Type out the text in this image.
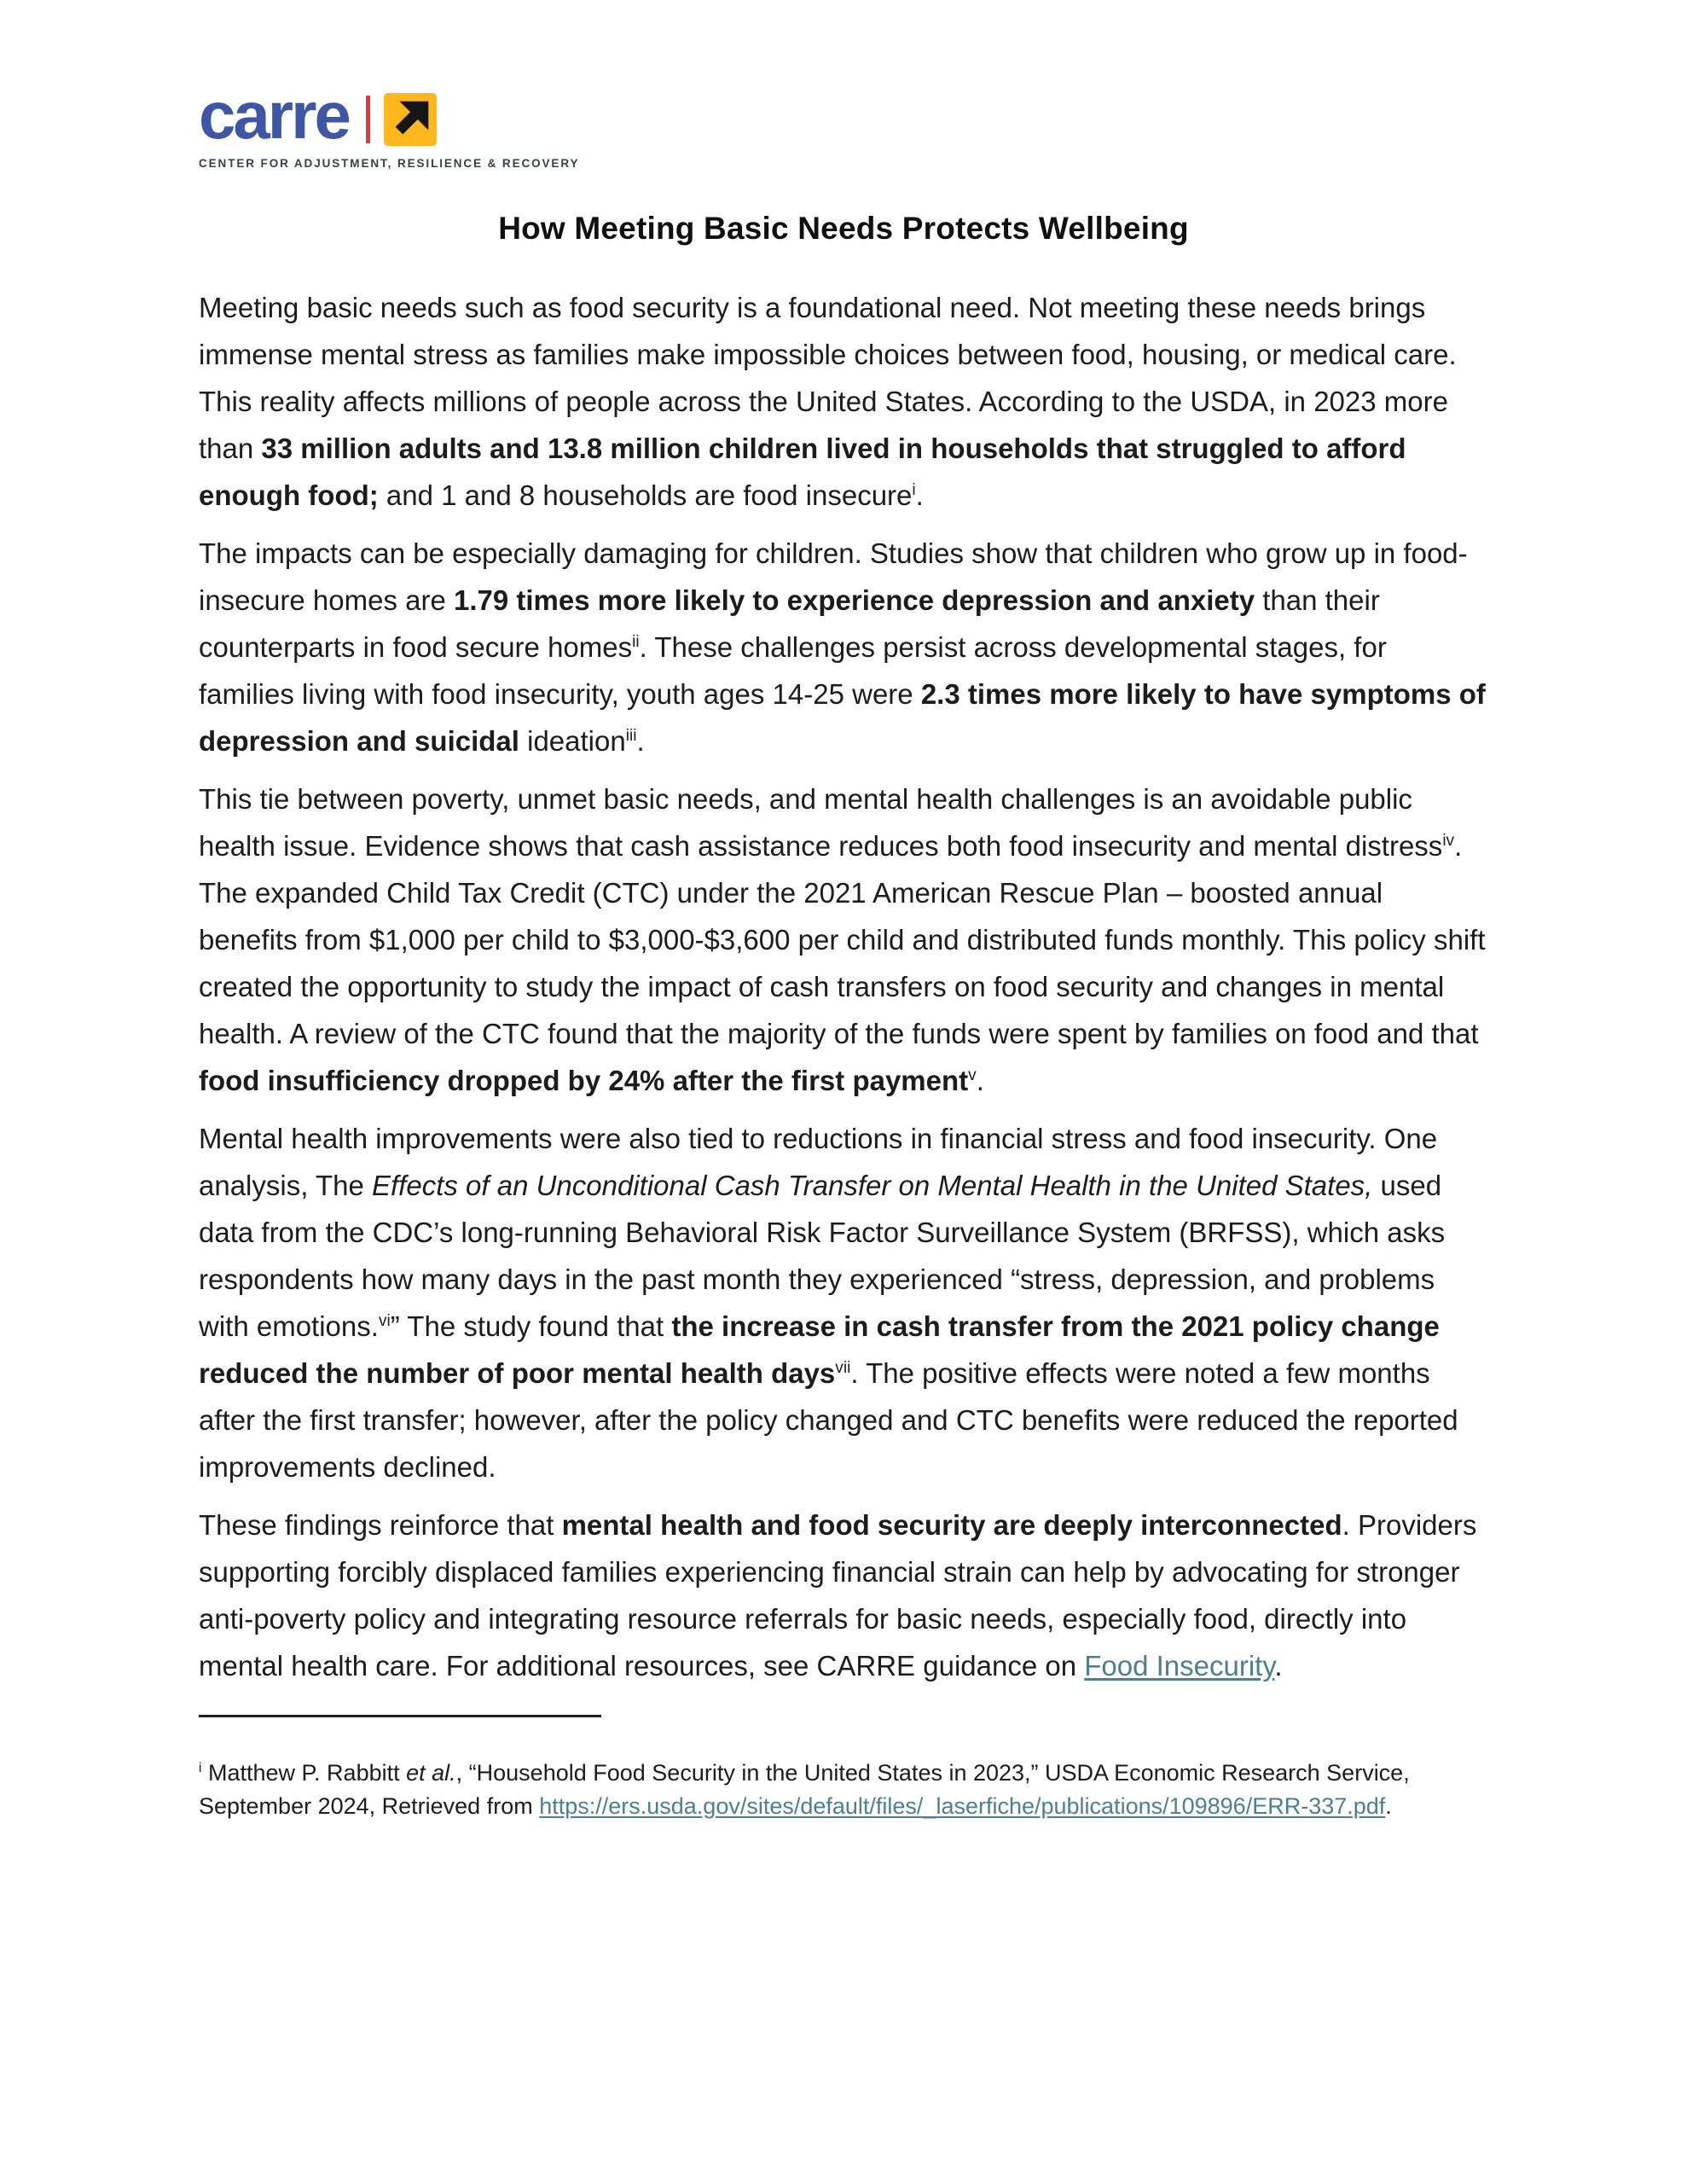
carre
CENTER FOR ADJUSTMENT, RESILIENCE & RECOVERY
How Meeting Basic Needs Protects Wellbeing

Meeting basic needs such as food security is a foundational need. Not meeting these needs brings immense mental stress as families make impossible choices between food, housing, or medical care. This reality affects millions of people across the United States. According to the USDA, in 2023 more than 33 million adults and 13.8 million children lived in households that struggled to afford enough food; and 1 and 8 households are food insecure$^i$.

The impacts can be especially damaging for children. Studies show that children who grow up in food-insecure homes are 1.79 times more likely to experience depression and anxiety than their counterparts in food secure homes$^{ii}$. These challenges persist across developmental stages, for families living with food insecurity, youth ages 14-25 were 2.3 times more likely to have symptoms of depression and suicidal ideation$^{iii}$.

This tie between poverty, unmet basic needs, and mental health challenges is an avoidable public health issue. Evidence shows that cash assistance reduces both food insecurity and mental distress$^{iv}$. The expanded Child Tax Credit (CTC) under the 2021 American Rescue Plan – boosted annual benefits from $1,000 per child to $3,000-$3,600 per child and distributed funds monthly. This policy shift created the opportunity to study the impact of cash transfers on food security and changes in mental health. A review of the CTC found that the majority of the funds were spent by families on food and that food insufficiency dropped by 24% after the first payment$^v$.

Mental health improvements were also tied to reductions in financial stress and food insecurity. One analysis, The Effects of an Unconditional Cash Transfer on Mental Health in the United States, used data from the CDC’s long-running Behavioral Risk Factor Surveillance System (BRFSS), which asks respondents how many days in the past month they experienced “stress, depression, and problems with emotions.$^{vi}$” The study found that the increase in cash transfer from the 2021 policy change reduced the number of poor mental health days$^{vii}$. The positive effects were noted a few months after the first transfer; however, after the policy changed and CTC benefits were reduced the reported improvements declined.

These findings reinforce that mental health and food security are deeply interconnected. Providers supporting forcibly displaced families experiencing financial strain can help by advocating for stronger anti-poverty policy and integrating resource referrals for basic needs, especially food, directly into mental health care. For additional resources, see CARRE guidance on Food Insecurity.

$^i$ Matthew P. Rabbitt et al., “Household Food Security in the United States in 2023,” USDA Economic Research Service, September 2024, Retrieved from https://ers.usda.gov/sites/default/files/_laserfiche/publications/109896/ERR-337.pdf.
